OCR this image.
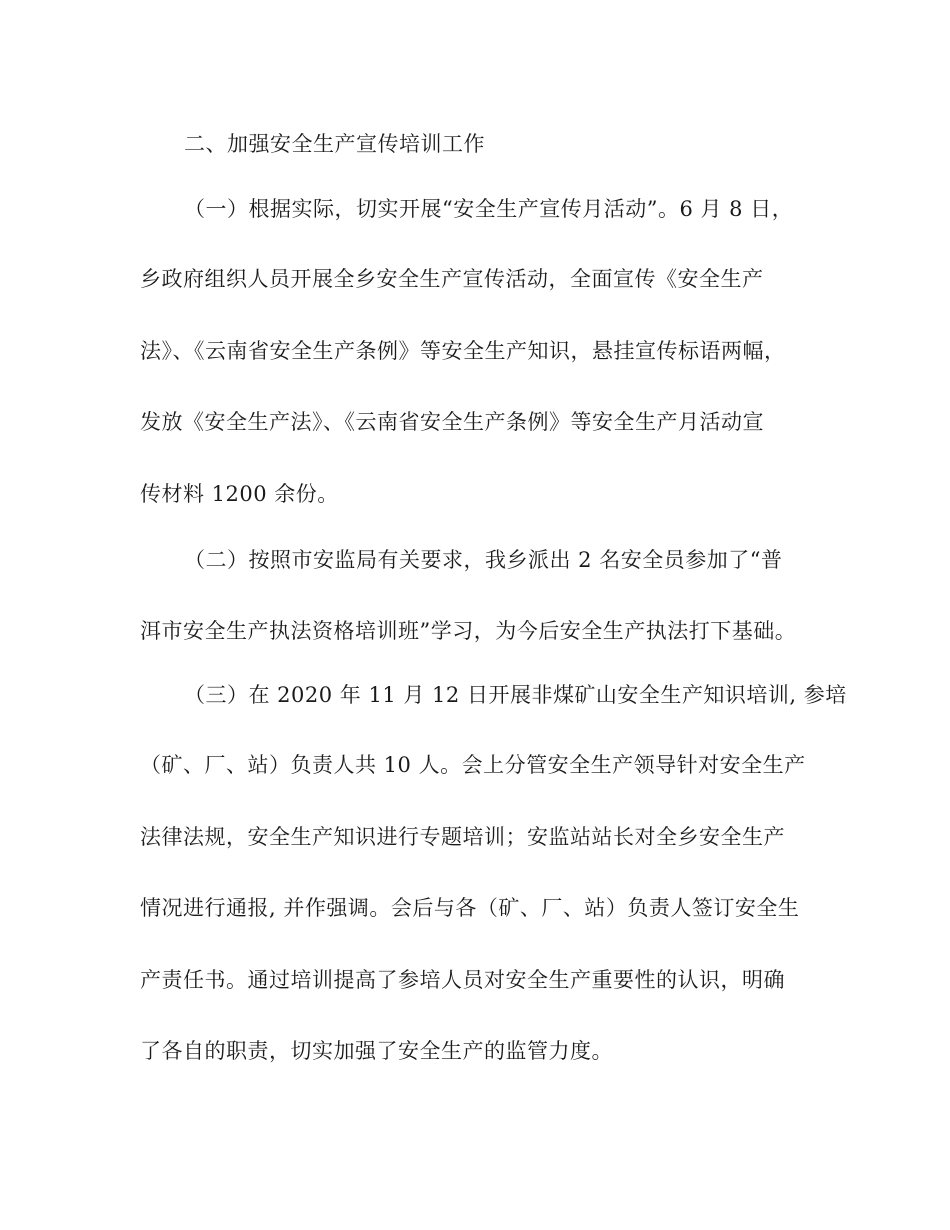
二、加强安全生产宣传培训工作
（一）根据实际，切实开展“安全生产宣传月活动”。6 月 8 日，
乡政府组织人员开展全乡安全生产宣传活动，全面宣传《安全生产
法》、《云南省安全生产条例》等安全生产知识，悬挂宣传标语两幅，
发放《安全生产法》、《云南省安全生产条例》等安全生产月活动宣
传材料 1200 余份。
（二）按照市安监局有关要求，我乡派出 2 名安全员参加了“普
洱市安全生产执法资格培训班”学习，为今后安全生产执法打下基础。
（三）在 2020 年 11 月 12 日开展非煤矿山安全生产知识培训, 参培
（矿、厂、站）负责人共 10 人。会上分管安全生产领导针对安全生产
法律法规，安全生产知识进行专题培训；安监站站长对全乡安全生产
情况进行通报, 并作强调。会后与各（矿、厂、站）负责人签订安全生
产责任书。通过培训提高了参培人员对安全生产重要性的认识，明确
了各自的职责，切实加强了安全生产的监管力度。
